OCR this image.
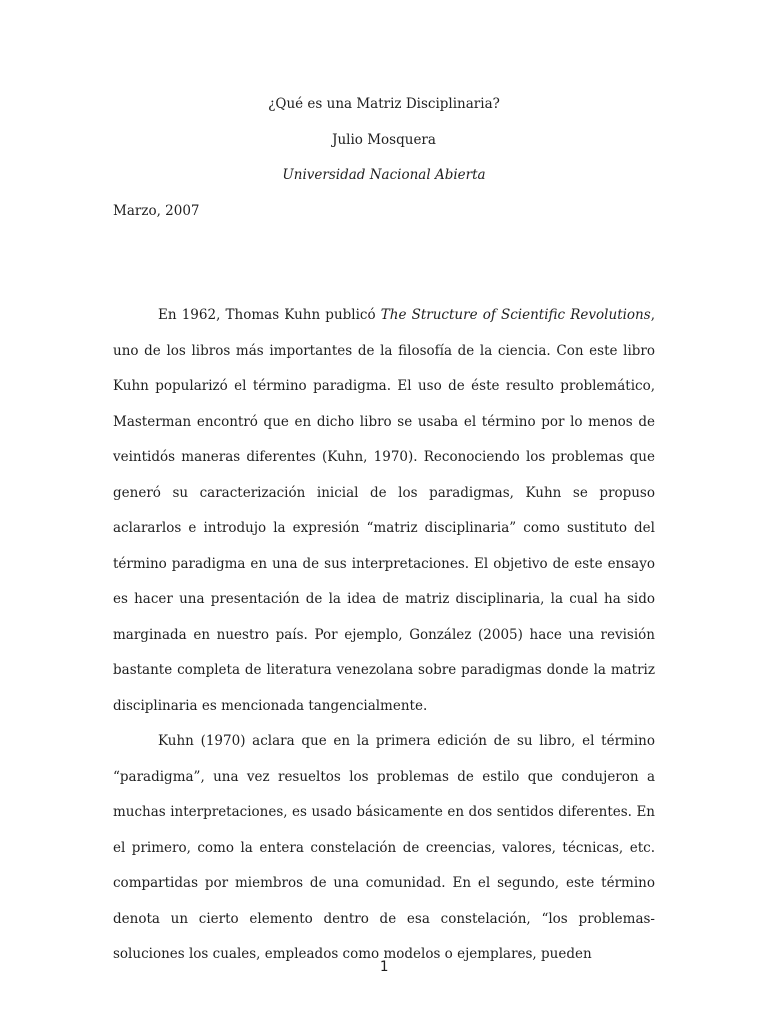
¿Qué es una Matriz Disciplinaria?
Julio Mosquera
Universidad Nacional Abierta
Marzo, 2007

En 1962, Thomas Kuhn publicó The Structure of Scientific Revolutions, uno de los libros más importantes de la filosofía de la ciencia. Con este libro Kuhn popularizó el término paradigma. El uso de éste resulto problemático, Masterman encontró que en dicho libro se usaba el término por lo menos de veintidós maneras diferentes (Kuhn, 1970). Reconociendo los problemas que generó su caracterización inicial de los paradigmas, Kuhn se propuso aclararlos e introdujo la expresión “matriz disciplinaria” como sustituto del término paradigma en una de sus interpretaciones. El objetivo de este ensayo es hacer una presentación de la idea de matriz disciplinaria, la cual ha sido marginada en nuestro país. Por ejemplo, González (2005) hace una revisión bastante completa de literatura venezolana sobre paradigmas donde la matriz disciplinaria es mencionada tangencialmente.

Kuhn (1970) aclara que en la primera edición de su libro, el término “paradigma”, una vez resueltos los problemas de estilo que condujeron a muchas interpretaciones, es usado básicamente en dos sentidos diferentes. En el primero, como la entera constelación de creencias, valores, técnicas, etc. compartidas por miembros de una comunidad. En el segundo, este término denota un cierto elemento dentro de esa constelación, “los problemas-soluciones los cuales, empleados como modelos o ejemplares, pueden

1
